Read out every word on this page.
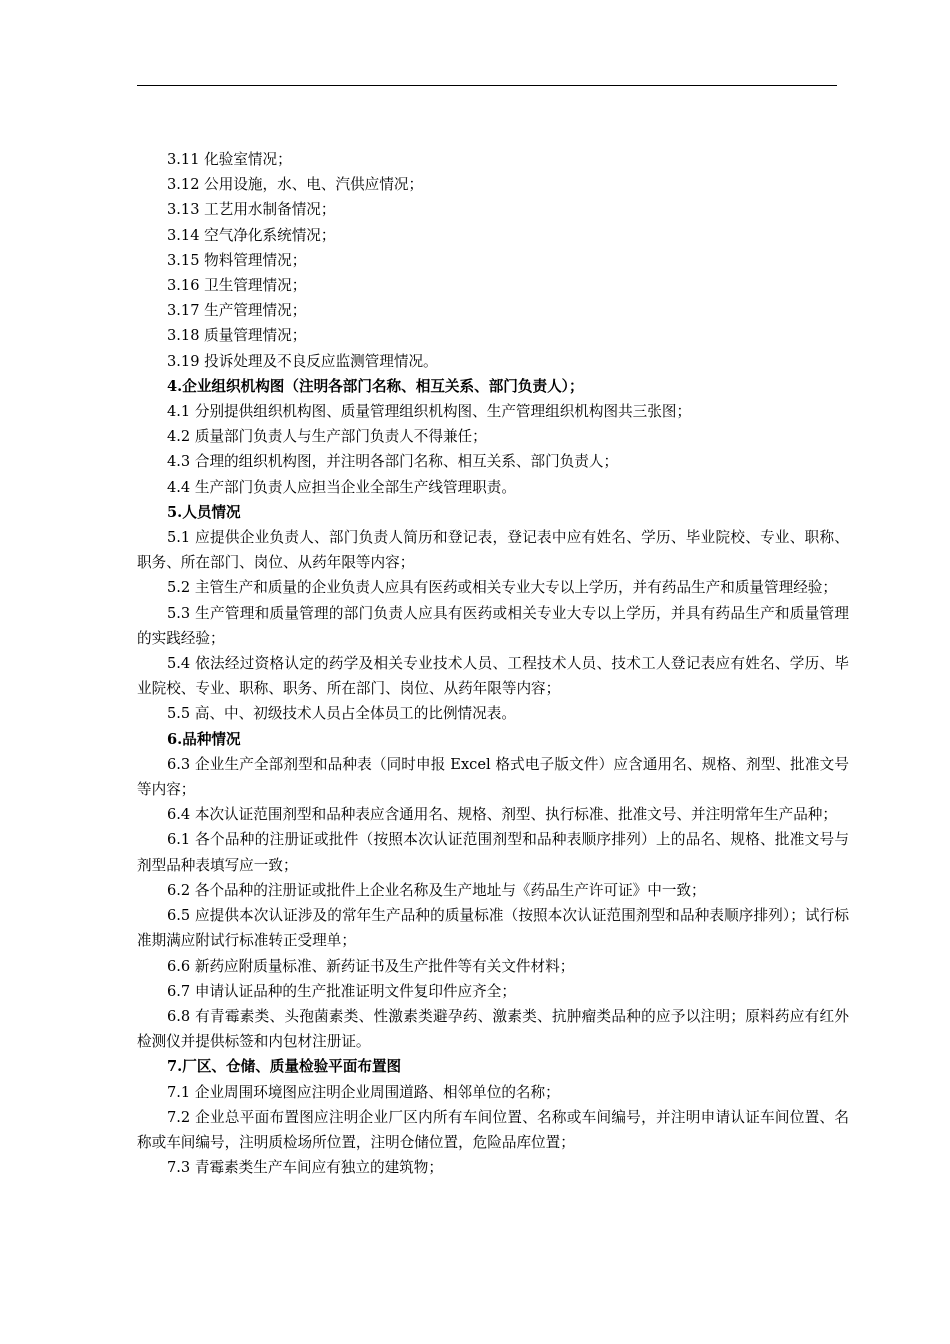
3.11 化验室情况；

3.12 公用设施，水、电、汽供应情况；

3.13 工艺用水制备情况；

3.14 空气净化系统情况；

3.15 物料管理情况；

3.16 卫生管理情况；

3.17 生产管理情况；

3.18 质量管理情况；

3.19 投诉处理及不良反应监测管理情况。

4.企业组织机构图（注明各部门名称、相互关系、部门负责人）；

4.1 分别提供组织机构图、质量管理组织机构图、生产管理组织机构图共三张图；

4.2 质量部门负责人与生产部门负责人不得兼任；

4.3 合理的组织机构图，并注明各部门名称、相互关系、部门负责人；

4.4 生产部门负责人应担当企业全部生产线管理职责。

5.人员情况

5.1 应提供企业负责人、部门负责人简历和登记表，登记表中应有姓名、学历、毕业院校、专业、职称、职务、所在部门、岗位、从药年限等内容；

5.2 主管生产和质量的企业负责人应具有医药或相关专业大专以上学历，并有药品生产和质量管理经验；

5.3 生产管理和质量管理的部门负责人应具有医药或相关专业大专以上学历，并具有药品生产和质量管理的实践经验；

5.4 依法经过资格认定的药学及相关专业技术人员、工程技术人员、技术工人登记表应有姓名、学历、毕业院校、专业、职称、职务、所在部门、岗位、从药年限等内容；

5.5 高、中、初级技术人员占全体员工的比例情况表。

6.品种情况

6.3 企业生产全部剂型和品种表（同时申报 Excel 格式电子版文件）应含通用名、规格、剂型、批准文号等内容；

6.4 本次认证范围剂型和品种表应含通用名、规格、剂型、执行标准、批准文号、并注明常年生产品种；

6.1 各个品种的注册证或批件（按照本次认证范围剂型和品种表顺序排列）上的品名、规格、批准文号与剂型品种表填写应一致；

6.2 各个品种的注册证或批件上企业名称及生产地址与《药品生产许可证》中一致；

6.5 应提供本次认证涉及的常年生产品种的质量标准（按照本次认证范围剂型和品种表顺序排列）；试行标准期满应附试行标准转正受理单；

6.6 新药应附质量标准、新药证书及生产批件等有关文件材料；

6.7 申请认证品种的生产批准证明文件复印件应齐全；

6.8 有青霉素类、头孢菌素类、性激素类避孕药、激素类、抗肿瘤类品种的应予以注明；原料药应有红外检测仪并提供标签和内包材注册证。

7.厂区、仓储、质量检验平面布置图

7.1 企业周围环境图应注明企业周围道路、相邻单位的名称；

7.2 企业总平面布置图应注明企业厂区内所有车间位置、名称或车间编号，并注明申请认证车间位置、名称或车间编号，注明质检场所位置，注明仓储位置，危险品库位置；

7.3 青霉素类生产车间应有独立的建筑物；
